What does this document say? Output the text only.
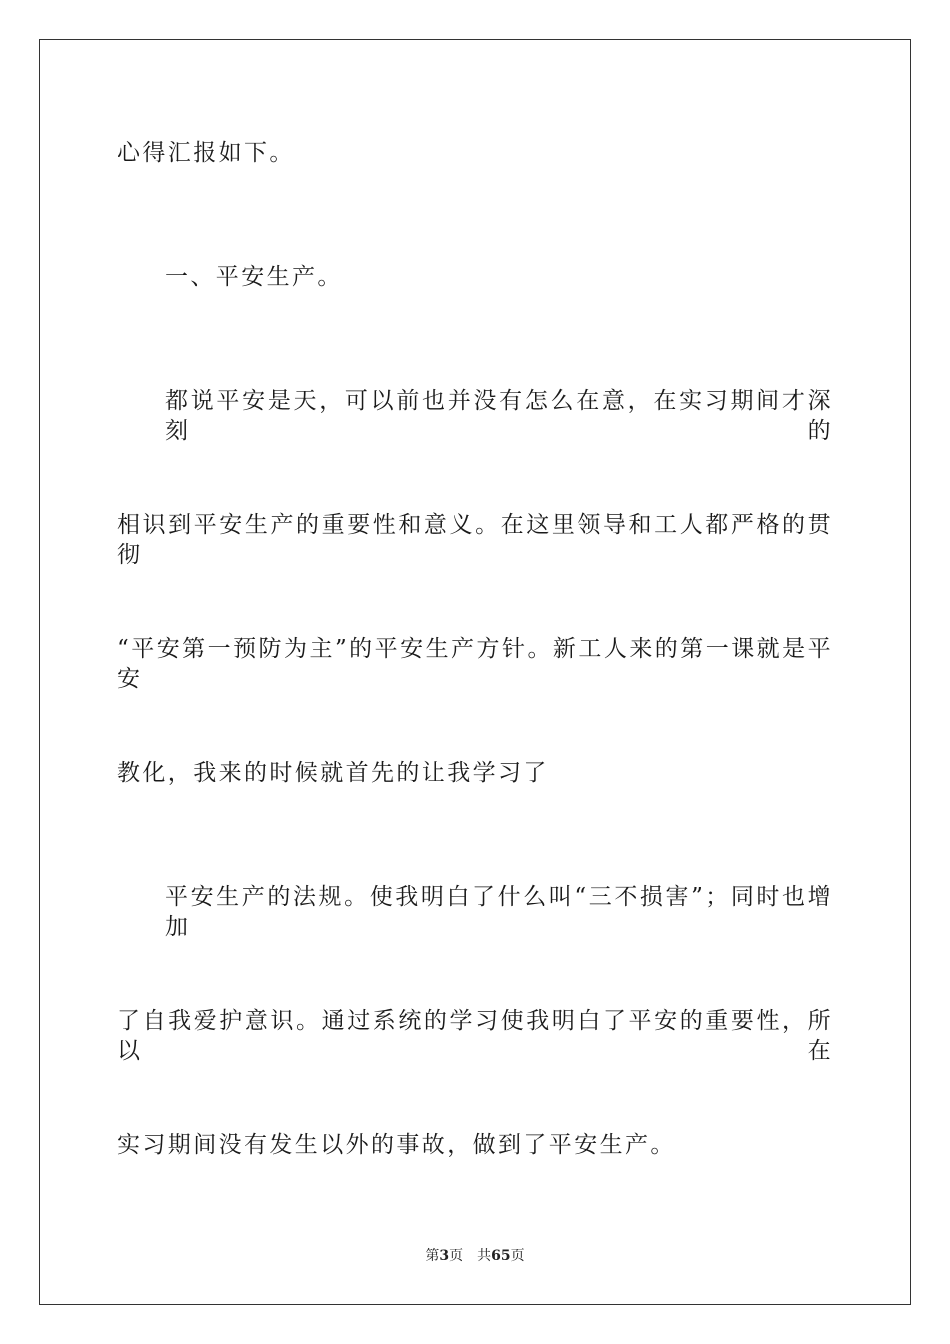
心得汇报如下。
一、平安生产。
都说平安是天，可以前也并没有怎么在意，在实习期间才深刻的
相识到平安生产的重要性和意义。在这里领导和工人都严格的贯彻
“平安第一预防为主”的平安生产方针。新工人来的第一课就是平安
教化，我来的时候就首先的让我学习了
平安生产的法规。使我明白了什么叫“三不损害”；同时也增加
了自我爱护意识。通过系统的学习使我明白了平安的重要性，所以在
实习期间没有发生以外的事故，做到了平安生产。
第3页 共65页
